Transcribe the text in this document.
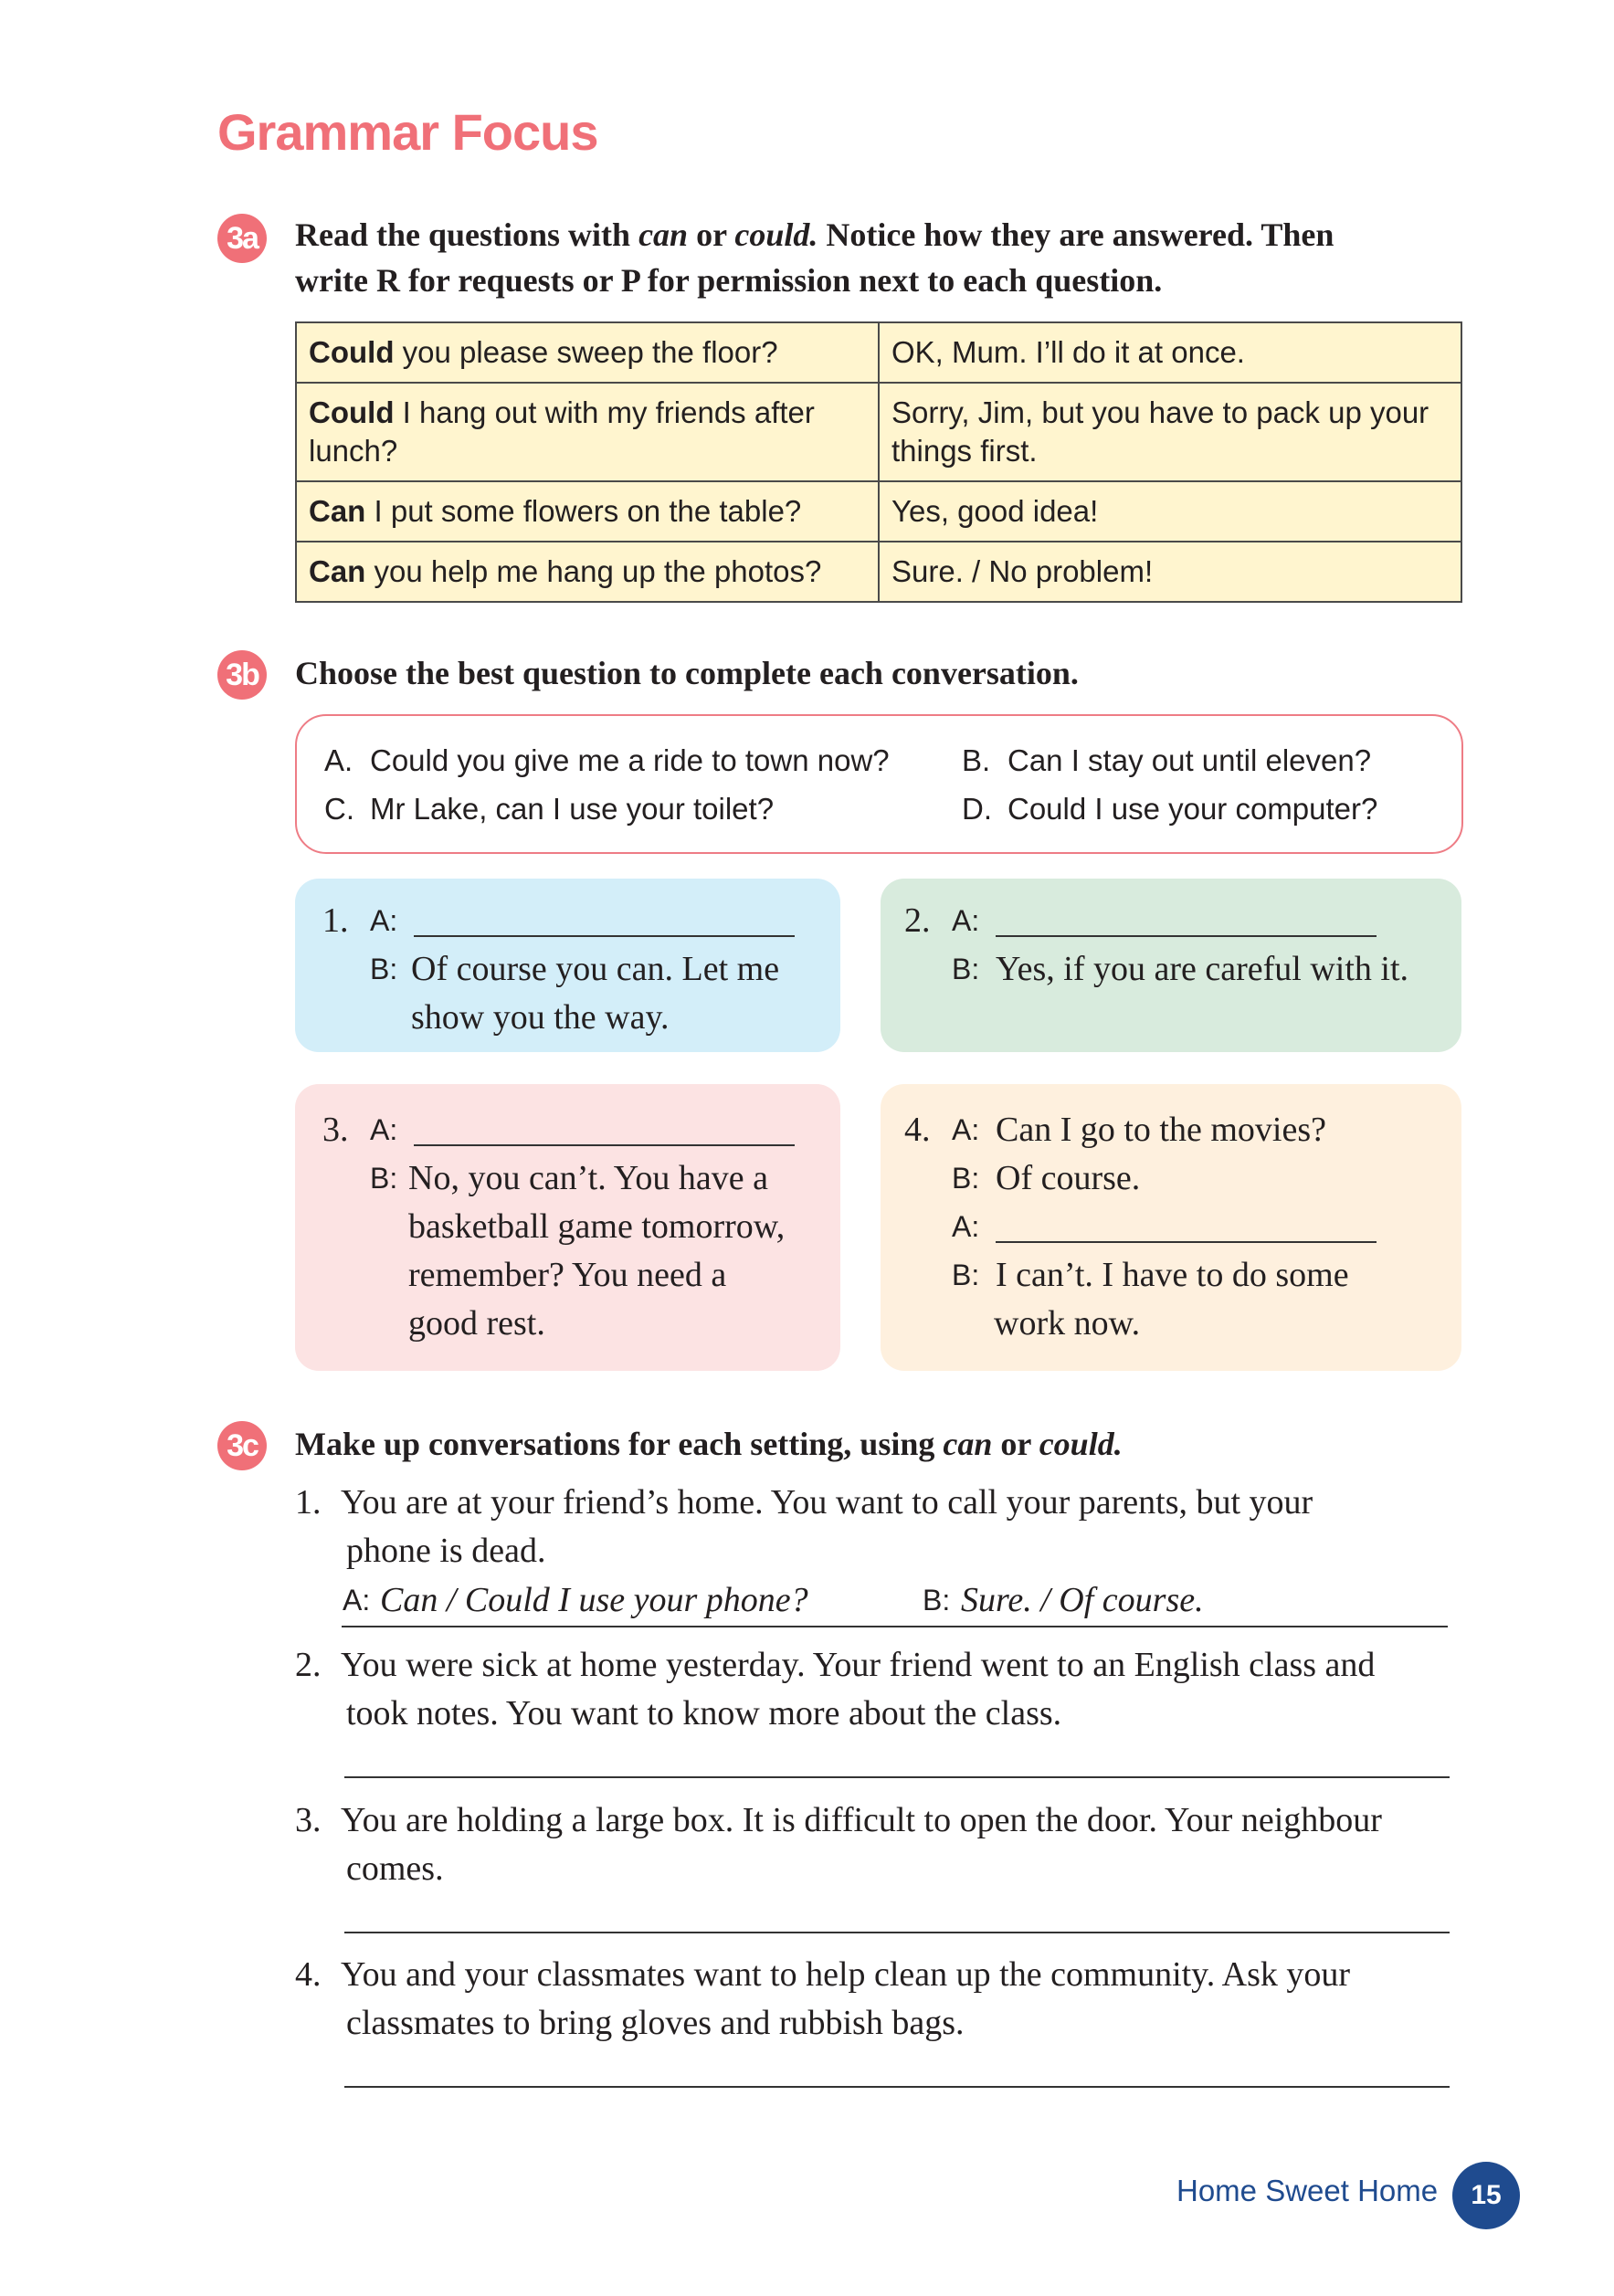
Grammar Focus
3a Read the questions with can or could. Notice how they are answered. Then
write R for requests or P for permission next to each question.
Could you please sweep the floor?	OK, Mum. I’ll do it at once.
Could I hang out with my friends after lunch?	Sorry, Jim, but you have to pack up your things first.
Can I put some flowers on the table?	Yes, good idea!
Can you help me hang up the photos?	Sure. / No problem!
3b Choose the best question to complete each conversation.
A. Could you give me a ride to town now? B. Can I stay out until eleven?
C. Mr Lake, can I use your toilet?	D. Could I use your computer?
1. A:
B: Of course you can. Let me
show you the way.
2. A:
B: Yes, if you are careful with it.
3. A:
B: No, you can’t. You have a
basketball game tomorrow,
remember? You need a
good rest.
4. A: Can I go to the movies?
B: Of course.
A:
B: I can’t. I have to do some
work now.
3c Make up conversations for each setting, using can or could.
1. You are at your friend’s home. You want to call your parents, but your
phone is dead.
A: Can / Could I use your phone?	B: Sure. / Of course.
2. You were sick at home yesterday. Your friend went to an English class and
took notes. You want to know more about the class.
3. You are holding a large box. It is difficult to open the door. Your neighbour
comes.
4. You and your classmates want to help clean up the community. Ask your
classmates to bring gloves and rubbish bags.
Home Sweet Home	15
